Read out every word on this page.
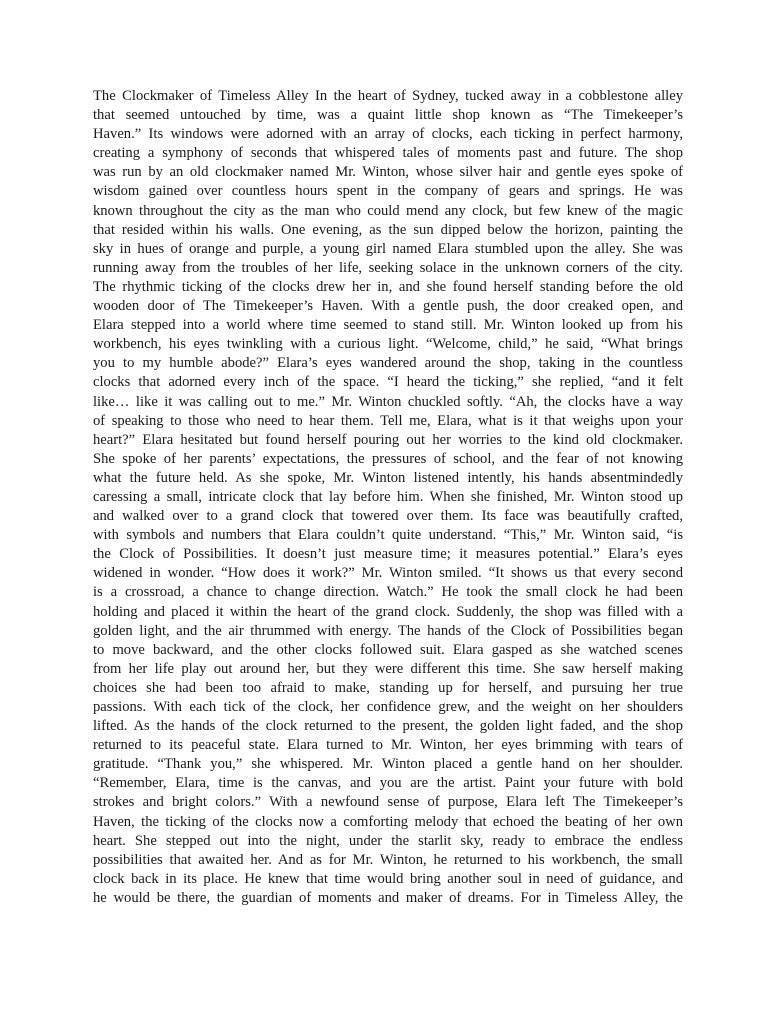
The Clockmaker of Timeless Alley In the heart of Sydney, tucked away in a cobblestone alley
that seemed untouched by time, was a quaint little shop known as “The Timekeeper’s
Haven.” Its windows were adorned with an array of clocks, each ticking in perfect harmony,
creating a symphony of seconds that whispered tales of moments past and future. The shop
was run by an old clockmaker named Mr. Winton, whose silver hair and gentle eyes spoke of
wisdom gained over countless hours spent in the company of gears and springs. He was
known throughout the city as the man who could mend any clock, but few knew of the magic
that resided within his walls. One evening, as the sun dipped below the horizon, painting the
sky in hues of orange and purple, a young girl named Elara stumbled upon the alley. She was
running away from the troubles of her life, seeking solace in the unknown corners of the city.
The rhythmic ticking of the clocks drew her in, and she found herself standing before the old
wooden door of The Timekeeper’s Haven. With a gentle push, the door creaked open, and
Elara stepped into a world where time seemed to stand still. Mr. Winton looked up from his
workbench, his eyes twinkling with a curious light. “Welcome, child,” he said, “What brings
you to my humble abode?” Elara’s eyes wandered around the shop, taking in the countless
clocks that adorned every inch of the space. “I heard the ticking,” she replied, “and it felt
like… like it was calling out to me.” Mr. Winton chuckled softly. “Ah, the clocks have a way
of speaking to those who need to hear them. Tell me, Elara, what is it that weighs upon your
heart?” Elara hesitated but found herself pouring out her worries to the kind old clockmaker.
She spoke of her parents’ expectations, the pressures of school, and the fear of not knowing
what the future held. As she spoke, Mr. Winton listened intently, his hands absentmindedly
caressing a small, intricate clock that lay before him. When she finished, Mr. Winton stood up
and walked over to a grand clock that towered over them. Its face was beautifully crafted,
with symbols and numbers that Elara couldn’t quite understand. “This,” Mr. Winton said, “is
the Clock of Possibilities. It doesn’t just measure time; it measures potential.” Elara’s eyes
widened in wonder. “How does it work?” Mr. Winton smiled. “It shows us that every second
is a crossroad, a chance to change direction. Watch.” He took the small clock he had been
holding and placed it within the heart of the grand clock. Suddenly, the shop was filled with a
golden light, and the air thrummed with energy. The hands of the Clock of Possibilities began
to move backward, and the other clocks followed suit. Elara gasped as she watched scenes
from her life play out around her, but they were different this time. She saw herself making
choices she had been too afraid to make, standing up for herself, and pursuing her true
passions. With each tick of the clock, her confidence grew, and the weight on her shoulders
lifted. As the hands of the clock returned to the present, the golden light faded, and the shop
returned to its peaceful state. Elara turned to Mr. Winton, her eyes brimming with tears of
gratitude. “Thank you,” she whispered. Mr. Winton placed a gentle hand on her shoulder.
“Remember, Elara, time is the canvas, and you are the artist. Paint your future with bold
strokes and bright colors.” With a newfound sense of purpose, Elara left The Timekeeper’s
Haven, the ticking of the clocks now a comforting melody that echoed the beating of her own
heart. She stepped out into the night, under the starlit sky, ready to embrace the endless
possibilities that awaited her. And as for Mr. Winton, he returned to his workbench, the small
clock back in its place. He knew that time would bring another soul in need of guidance, and
he would be there, the guardian of moments and maker of dreams. For in Timeless Alley, the
